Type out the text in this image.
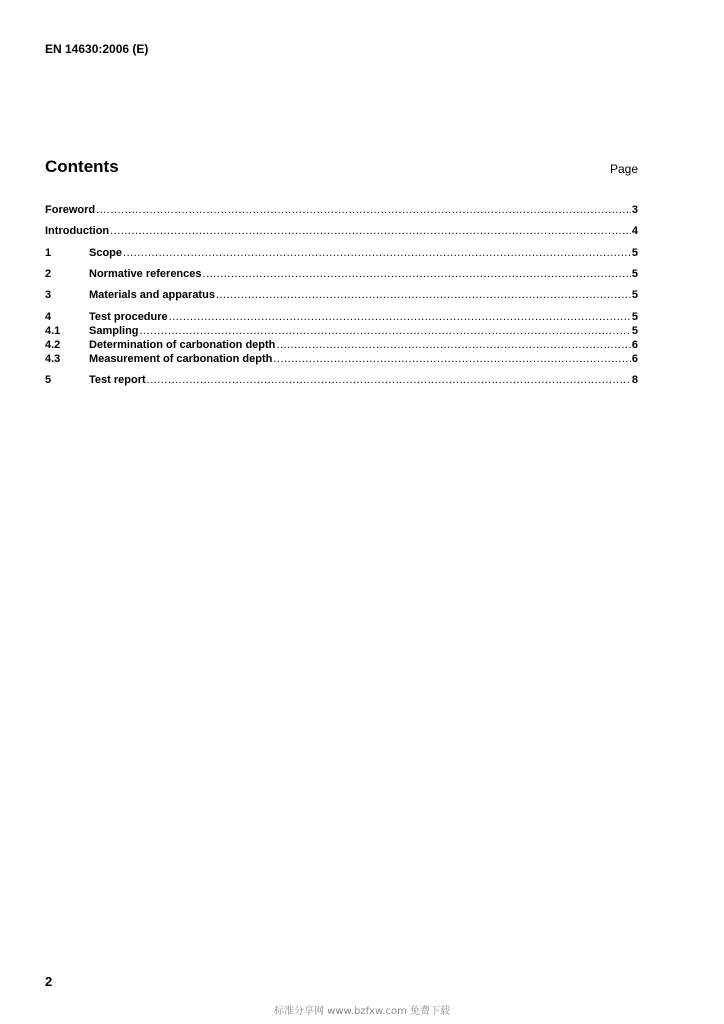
EN 14630:2006 (E)
Contents	Page
Foreword .....	3
Introduction .....	4
1	Scope .....	5
2	Normative references .....	5
3	Materials and apparatus .....	5
4	Test procedure .....	5
4.1	Sampling .....	5
4.2	Determination of carbonation depth .....	6
4.3	Measurement of carbonation depth .....	6
5	Test report .....	8
2
标准分享网 www.bzfxw.com 免费下载
